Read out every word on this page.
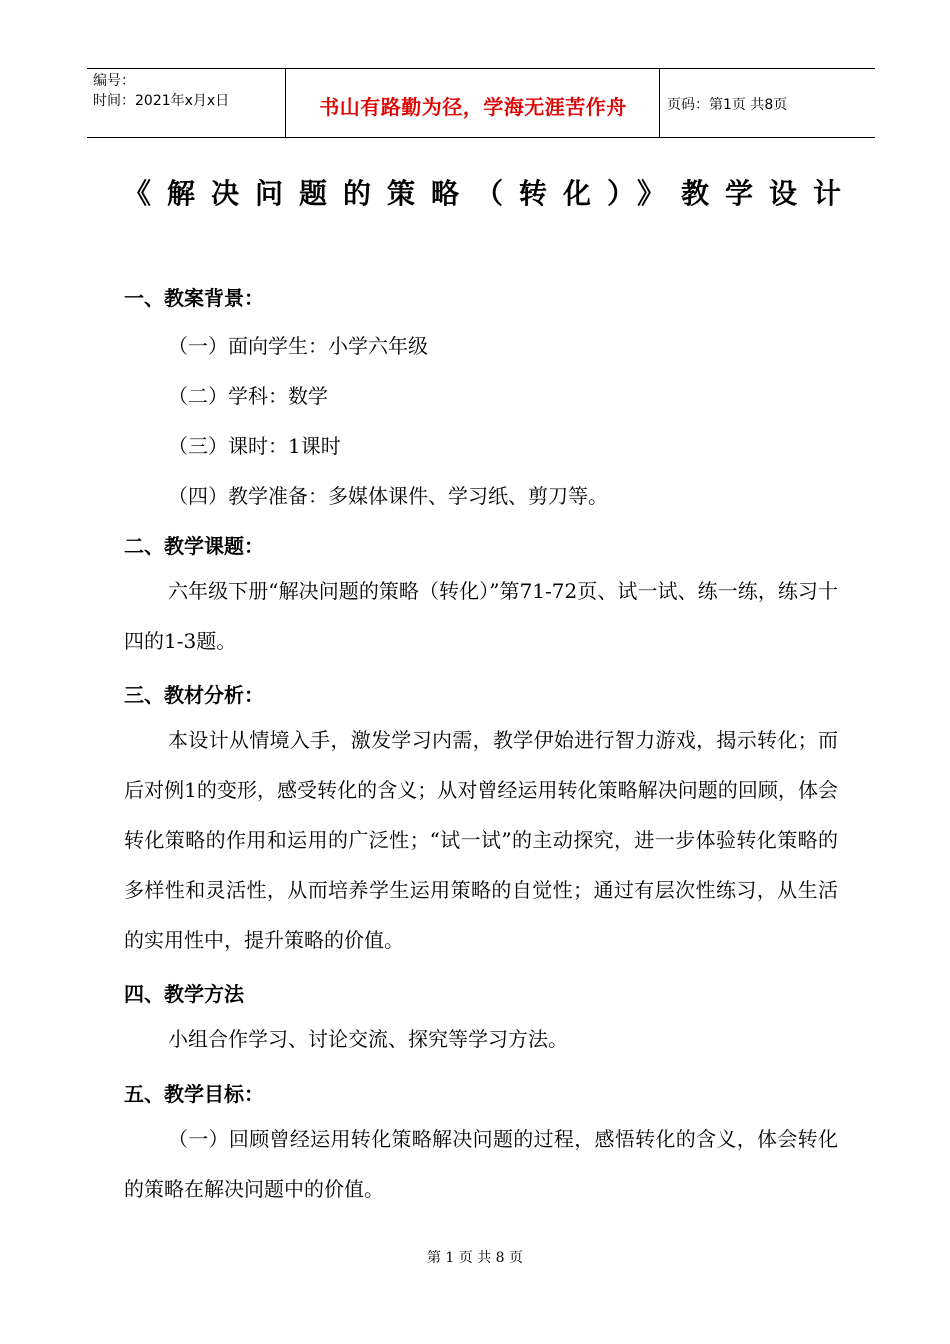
编号：
时间：2021年x月x日	书山有路勤为径，学海无涯苦作舟	页码：第1页 共8页
《解决问题的策略（转化）》教学设计
一、教案背景：
（一）面向学生：小学六年级
（二）学科：数学
（三）课时：1课时
（四）教学准备：多媒体课件、学习纸、剪刀等。
二、教学课题：
六年级下册“解决问题的策略（转化）”第71-72页、试一试、练一练，练习十四的1-3题。
三、教材分析：
本设计从情境入手，激发学习内需，教学伊始进行智力游戏，揭示转化；而后对例1的变形，感受转化的含义；从对曾经运用转化策略解决问题的回顾，体会转化策略的作用和运用的广泛性；“试一试”的主动探究，进一步体验转化策略的多样性和灵活性，从而培养学生运用策略的自觉性；通过有层次性练习，从生活的实用性中，提升策略的价值。
四、教学方法
小组合作学习、讨论交流、探究等学习方法。
五、教学目标：
（一）回顾曾经运用转化策略解决问题的过程，感悟转化的含义，体会转化的策略在解决问题中的价值。
第 1 页 共 8 页
